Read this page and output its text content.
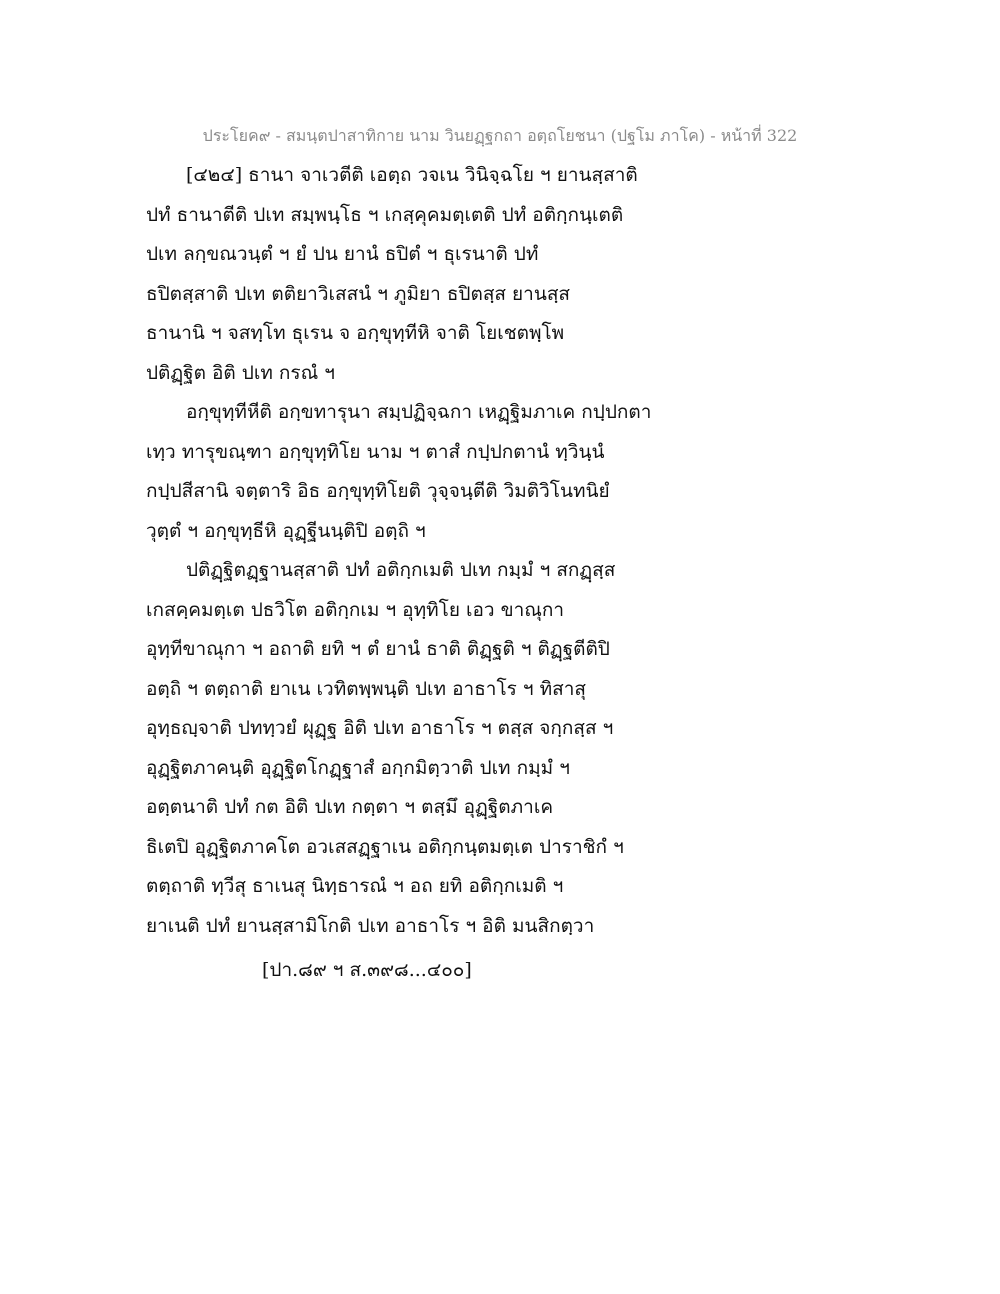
ประโยค๙ - สมนฺตปาสาทิกาย นาม วินยฏฺฐกถา อตฺถโยชนา (ปฐโม ภาโค) - หน้าที่ 322
[๔๒๔] ธานา จาเวตีติ เอตฺถ วจเน วินิจฺฉโย ฯ ยานสฺสาติ
ปทํ ธานาตีติ ปเท สมฺพนฺโธ ฯ เกสฺคุคมตฺเตติ ปทํ อติกฺกนฺเตติ
ปเท ลกฺขณวนฺตํ ฯ ยํ ปน ยานํ ธปิตํ ฯ ธุเรนาติ ปทํ
ธปิตสฺสาติ ปเท ตติยาวิเสสนํ ฯ ภูมิยา ธปิตสฺส ยานสฺส
ธานานิ ฯ จสทฺโท ธุเรน จ อกฺขุทฺทีหิ จาติ โยเชตพฺโพ
ปติฏฺฐิต อิติ ปเท กรณํ ฯ
อกฺขุทฺทีหีติ อกฺขทารุนา สมฺปฏิจฺฉกา เหฏฺฐิมภาเค กปฺปกตา
เทฺว ทารุขณฺฑา อกฺขุทฺทิโย นาม ฯ ตาสํ กปฺปกตานํ ทฺวินฺนํ
กปฺปสีสานิ จตฺตาริ อิธ อกฺขุทฺทิโยติ วุจฺจนฺตีติ วิมติวิโนทนิยํ
วุตฺตํ ฯ อกฺขุทฺธีหิ อุฏฺฐีนนฺติปิ อตฺถิ ฯ
ปติฏฺฐิตฏฺฐานสฺสาติ ปทํ อติกฺกเมติ ปเท กมฺมํ ฯ สกฏฺสฺส
เกสคฺคมตฺเต ปธวิโต อติกฺกเม ฯ อุทฺทิโย เอว ขาณุกา
อุทฺทีขาณุกา ฯ อถาติ ยทิ ฯ ตํ ยานํ ธาติ ติฏฺฐติ ฯ ติฏฺฐตีติปิ
อตฺถิ ฯ ตตฺถาติ ยาเน เวทิตพฺพนฺติ ปเท อาธาโร ฯ ทิสาสุ
อุทฺธญฺจาติ ปททฺวยํ ผุฏฺฐ อิติ ปเท อาธาโร ฯ ตสฺส จกฺกสฺส ฯ
อุฏฺฐิตภาคนฺติ อุฏฺฐิตโกฏฺฐาสํ อกฺกมิตฺวาติ ปเท กมฺมํ ฯ
อตฺตนาติ ปทํ กต อิติ ปเท กตฺตา ฯ ตสฺมึ อุฏฺฐิตภาเค
ธิเตปิ อุฏฺฐิตภาคโต อวเสสฏฺฐาเน อติกฺกนฺตมตฺเต ปาราชิกํ ฯ
ตตฺถาติ ทฺวีสุ ธาเนสุ นิทฺธารณํ ฯ อถ ยทิ อติกฺกเมติ ฯ
ยาเนติ ปทํ ยานสฺสามิโกติ ปเท อาธาโร ฯ อิติ มนสิกตฺวา
[ปา.๘๙ ฯ ส.๓๙๘...๔๐๐]
